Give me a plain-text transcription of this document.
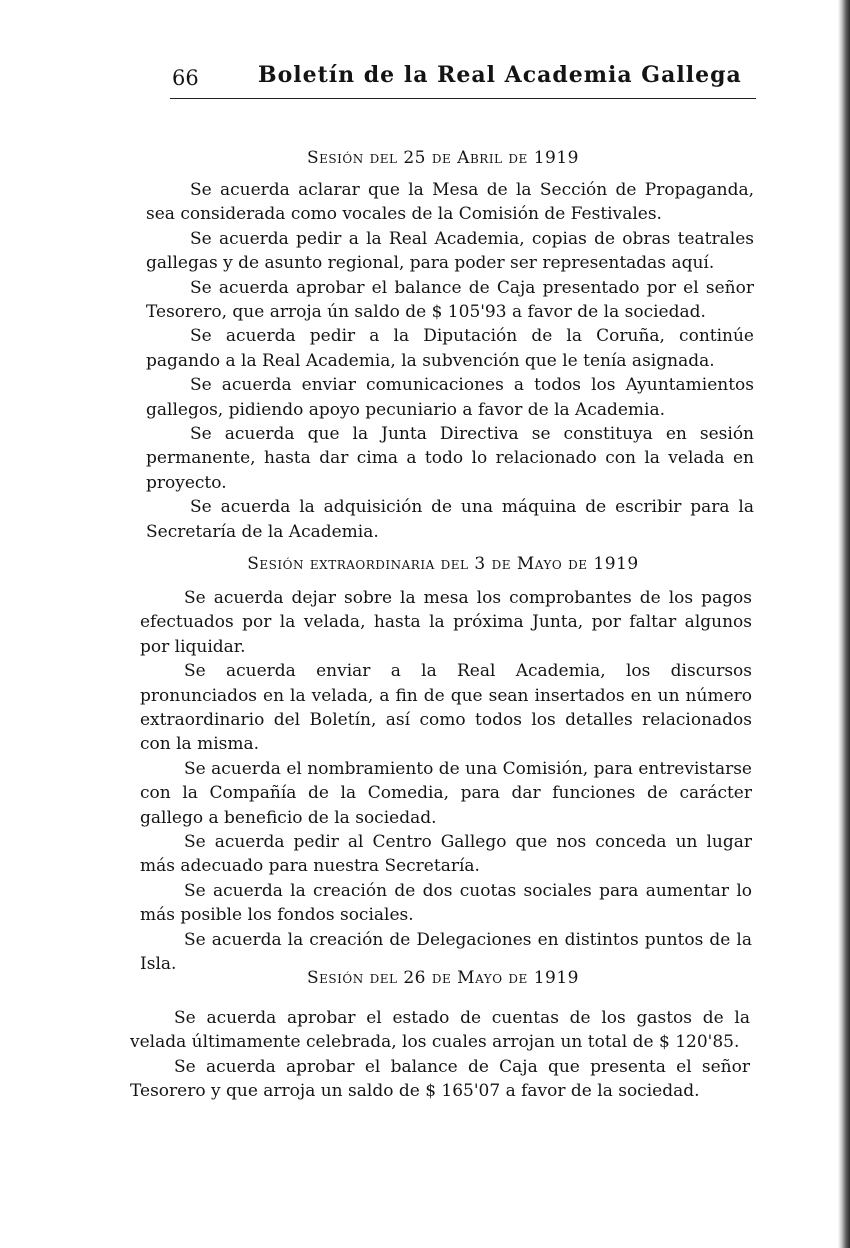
66	Boletín de la Real Academia Gallega
Sesión del 25 de Abril de 1919

Se acuerda aclarar que la Mesa de la Sección de Propaganda, sea considerada como vocales de la Comisión de Festivales.

Se acuerda pedir a la Real Academia, copias de obras teatrales gallegas y de asunto regional, para poder ser representadas aquí.

Se acuerda aprobar el balance de Caja presentado por el señor Tesorero, que arroja ún saldo de $ 105'93 a favor de la sociedad.

Se acuerda pedir a la Diputación de la Coruña, continúe pagando a la Real Academia, la subvención que le tenía asignada.

Se acuerda enviar comunicaciones a todos los Ayuntamientos gallegos, pidiendo apoyo pecuniario a favor de la Academia.

Se acuerda que la Junta Directiva se constituya en sesión permanente, hasta dar cima a todo lo relacionado con la velada en proyecto.

Se acuerda la adquisición de una máquina de escribir para la Secretaría de la Academia.

Sesión extraordinaria del 3 de Mayo de 1919

Se acuerda dejar sobre la mesa los comprobantes de los pagos efectuados por la velada, hasta la próxima Junta, por faltar algunos por liquidar.

Se acuerda enviar a la Real Academia, los discursos pronunciados en la velada, a fin de que sean insertados en un número extraordinario del Boletín, así como todos los detalles relacionados con la misma.

Se acuerda el nombramiento de una Comisión, para entrevistarse con la Compañía de la Comedia, para dar funciones de carácter gallego a beneficio de la sociedad.

Se acuerda pedir al Centro Gallego que nos conceda un lugar más adecuado para nuestra Secretaría.

Se acuerda la creación de dos cuotas sociales para aumentar lo más posible los fondos sociales.

Se acuerda la creación de Delegaciones en distintos puntos de la Isla.

Sesión del 26 de Mayo de 1919

Se acuerda aprobar el estado de cuentas de los gastos de la velada últimamente celebrada, los cuales arrojan un total de $ 120'85.

Se acuerda aprobar el balance de Caja que presenta el señor Tesorero y que arroja un saldo de $ 165'07 a favor de la sociedad.
